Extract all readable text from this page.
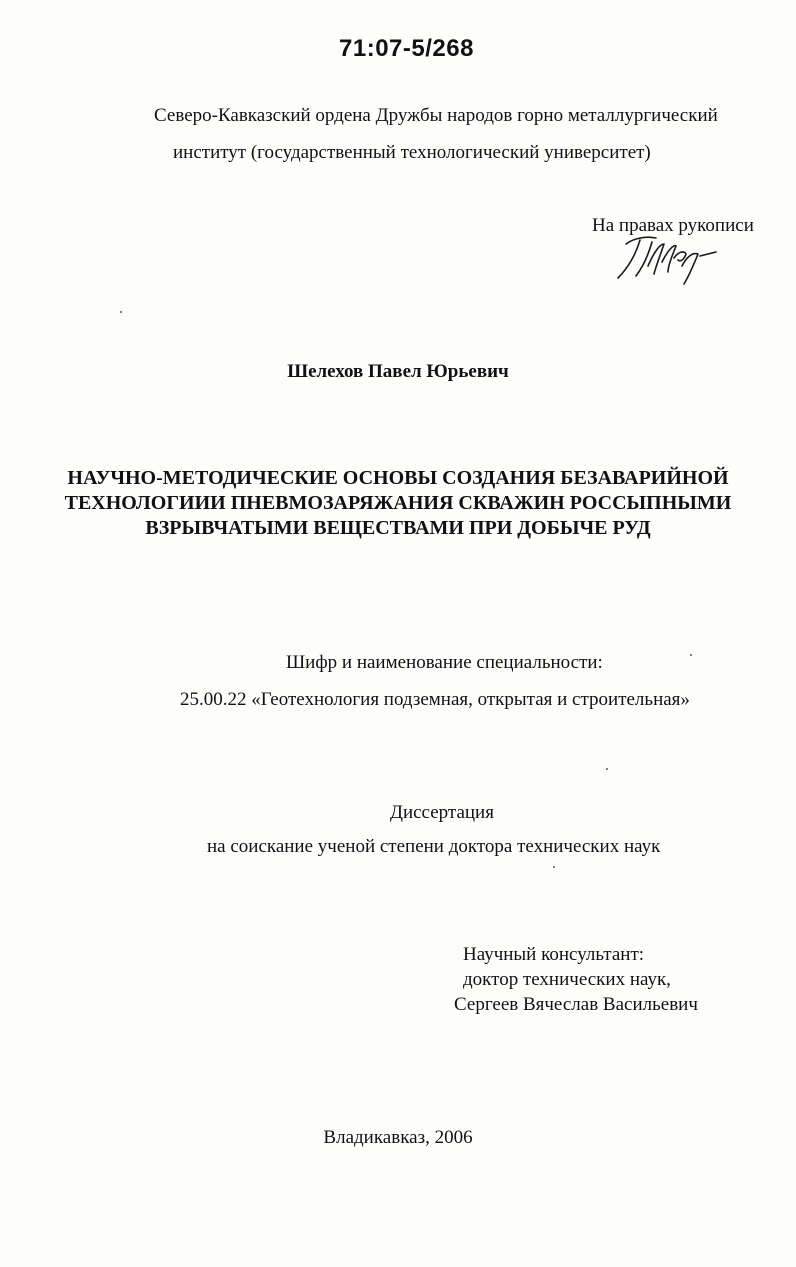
71:07-5/268
Северо-Кавказский ордена Дружбы народов горно металлургический
институт (государственный технологический университет)
На правах рукописи
Шелехов Павел Юрьевич
НАУЧНО-МЕТОДИЧЕСКИЕ ОСНОВЫ СОЗДАНИЯ БЕЗАВАРИЙНОЙ
ТЕХНОЛОГИИИ ПНЕВМОЗАРЯЖАНИЯ СКВАЖИН РОССЫПНЫМИ
ВЗРЫВЧАТЫМИ ВЕЩЕСТВАМИ ПРИ ДОБЫЧЕ РУД
Шифр и наименование специальности:
25.00.22 «Геотехнология подземная, открытая и строительная»
Диссертация
на соискание ученой степени доктора технических наук
Научный консультант:
доктор технических наук,
Сергеев Вячеслав Васильевич
Владикавказ, 2006
